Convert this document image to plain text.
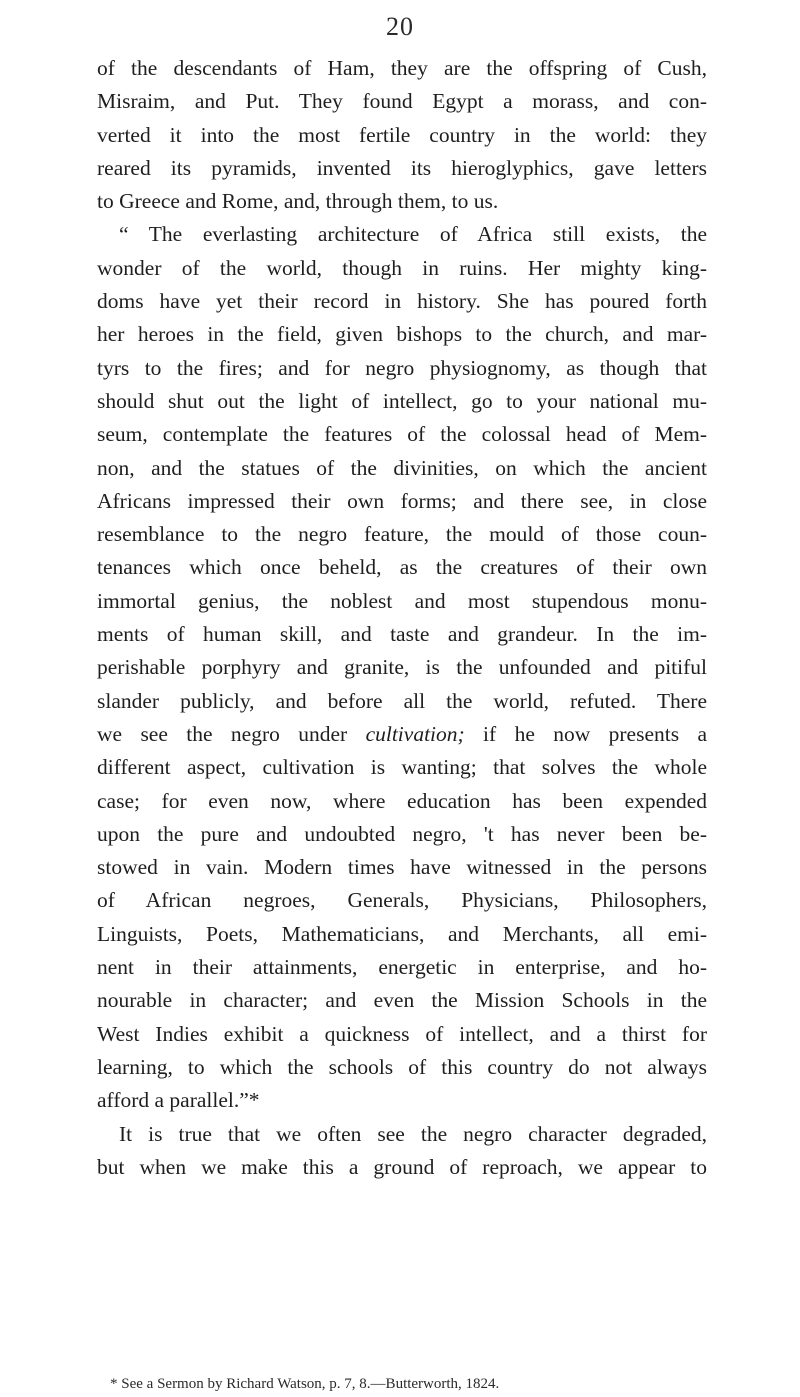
20
of the descendants of Ham, they are the offspring of Cush,
Misraim, and Put. They found Egypt a morass, and con-
verted it into the most fertile country in the world: they
reared its pyramids, invented its hieroglyphics, gave letters
to Greece and Rome, and, through them, to us.
“ The everlasting architecture of Africa still exists, the
wonder of the world, though in ruins. Her mighty king-
doms have yet their record in history. She has poured forth
her heroes in the field, given bishops to the church, and mar-
tyrs to the fires; and for negro physiognomy, as though that
should shut out the light of intellect, go to your national mu-
seum, contemplate the features of the colossal head of Mem-
non, and the statues of the divinities, on which the ancient
Africans impressed their own forms; and there see, in close
resemblance to the negro feature, the mould of those coun-
tenances which once beheld, as the creatures of their own
immortal genius, the noblest and most stupendous monu-
ments of human skill, and taste and grandeur. In the im-
perishable porphyry and granite, is the unfounded and pitiful
slander publicly, and before all the world, refuted. There
we see the negro under cultivation; if he now presents a
different aspect, cultivation is wanting; that solves the whole
case; for even now, where education has been expended
upon the pure and undoubted negro, 't has never been be-
stowed in vain. Modern times have witnessed in the persons
of African negroes, Generals, Physicians, Philosophers,
Linguists, Poets, Mathematicians, and Merchants, all emi-
nent in their attainments, energetic in enterprise, and ho-
nourable in character; and even the Mission Schools in the
West Indies exhibit a quickness of intellect, and a thirst for
learning, to which the schools of this country do not always
afford a parallel.”*
It is true that we often see the negro character degraded,
but when we make this a ground of reproach, we appear to
* See a Sermon by Richard Watson, p. 7, 8.—Butterworth, 1824.
